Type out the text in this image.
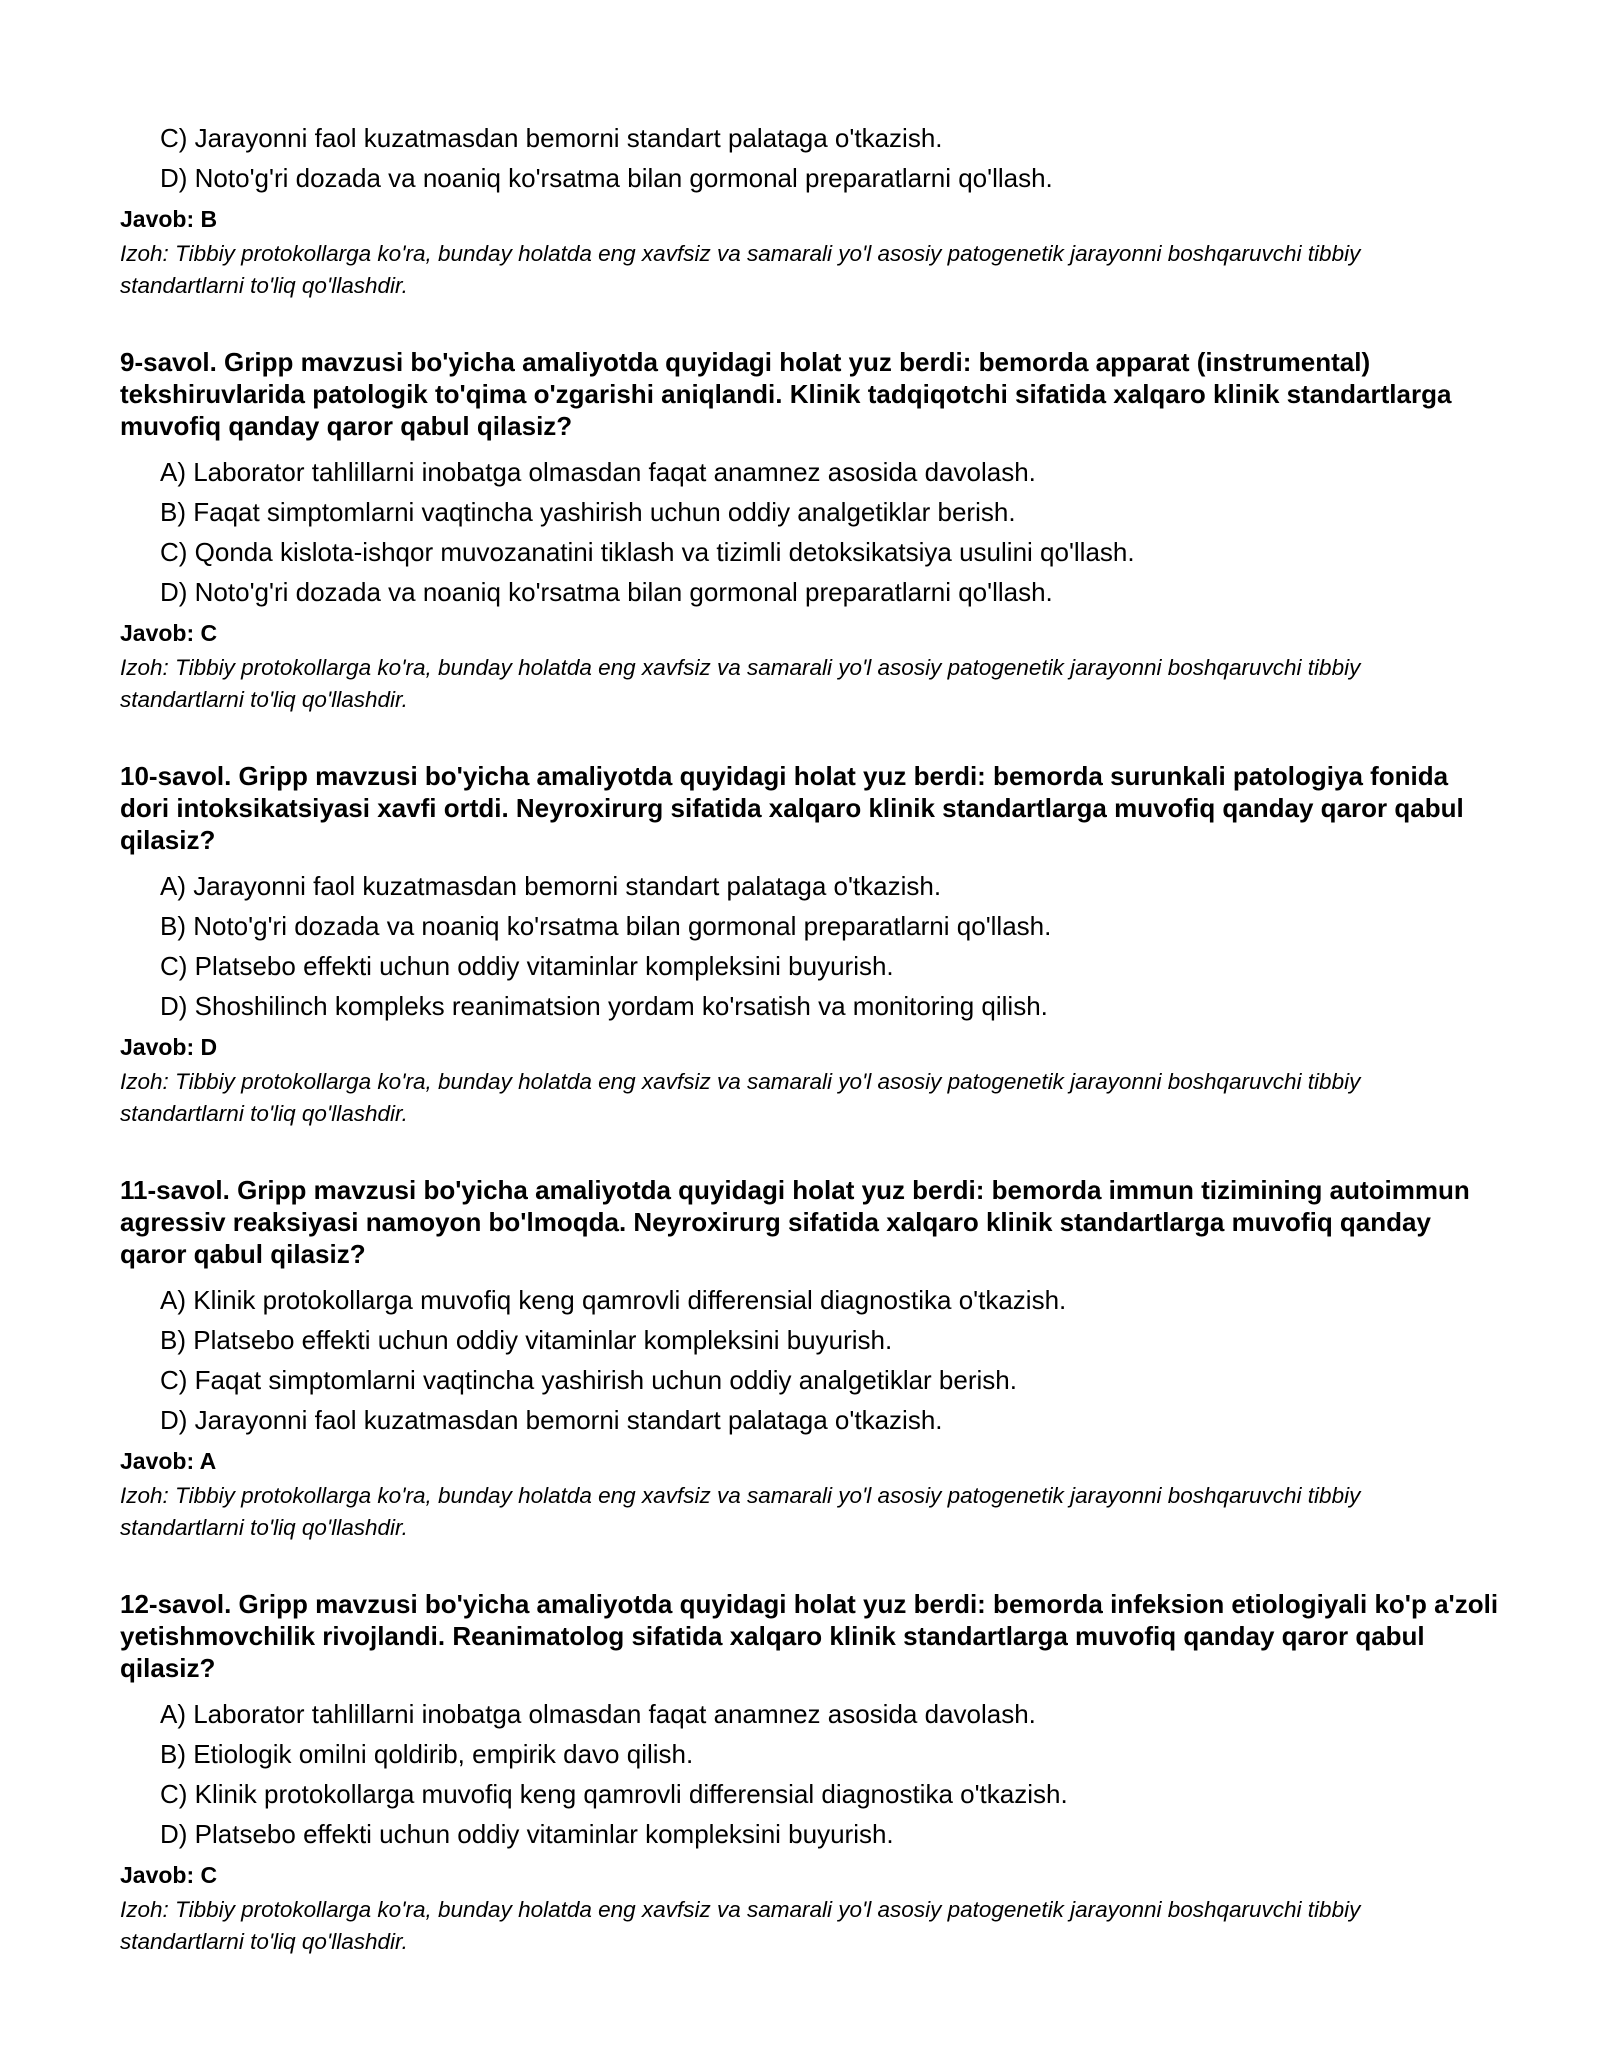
C) Jarayonni faol kuzatmasdan bemorni standart palataga o'tkazish.
D) Noto'g'ri dozada va noaniq ko'rsatma bilan gormonal preparatlarni qo'llash.
Javob: B
Izoh: Tibbiy protokollarga ko'ra, bunday holatda eng xavfsiz va samarali yo'l asosiy patogenetik jarayonni boshqaruvchi tibbiy standartlarni to'liq qo'llashdir.
9-savol. Gripp mavzusi bo'yicha amaliyotda quyidagi holat yuz berdi: bemorda apparat (instrumental) tekshiruvlarida patologik to'qima o'zgarishi aniqlandi. Klinik tadqiqotchi sifatida xalqaro klinik standartlarga muvofiq qanday qaror qabul qilasiz?
A) Laborator tahlillarni inobatga olmasdan faqat anamnez asosida davolash.
B) Faqat simptomlarni vaqtincha yashirish uchun oddiy analgetiklar berish.
C) Qonda kislota-ishqor muvozanatini tiklash va tizimli detoksikatsiya usulini qo'llash.
D) Noto'g'ri dozada va noaniq ko'rsatma bilan gormonal preparatlarni qo'llash.
Javob: C
Izoh: Tibbiy protokollarga ko'ra, bunday holatda eng xavfsiz va samarali yo'l asosiy patogenetik jarayonni boshqaruvchi tibbiy standartlarni to'liq qo'llashdir.
10-savol. Gripp mavzusi bo'yicha amaliyotda quyidagi holat yuz berdi: bemorda surunkali patologiya fonida dori intoksikatsiyasi xavfi ortdi. Neyroxirurg sifatida xalqaro klinik standartlarga muvofiq qanday qaror qabul qilasiz?
A) Jarayonni faol kuzatmasdan bemorni standart palataga o'tkazish.
B) Noto'g'ri dozada va noaniq ko'rsatma bilan gormonal preparatlarni qo'llash.
C) Platsebo effekti uchun oddiy vitaminlar kompleksini buyurish.
D) Shoshilinch kompleks reanimatsion yordam ko'rsatish va monitoring qilish.
Javob: D
Izoh: Tibbiy protokollarga ko'ra, bunday holatda eng xavfsiz va samarali yo'l asosiy patogenetik jarayonni boshqaruvchi tibbiy standartlarni to'liq qo'llashdir.
11-savol. Gripp mavzusi bo'yicha amaliyotda quyidagi holat yuz berdi: bemorda immun tizimining autoimmun agressiv reaksiyasi namoyon bo'lmoqda. Neyroxirurg sifatida xalqaro klinik standartlarga muvofiq qanday qaror qabul qilasiz?
A) Klinik protokollarga muvofiq keng qamrovli differensial diagnostika o'tkazish.
B) Platsebo effekti uchun oddiy vitaminlar kompleksini buyurish.
C) Faqat simptomlarni vaqtincha yashirish uchun oddiy analgetiklar berish.
D) Jarayonni faol kuzatmasdan bemorni standart palataga o'tkazish.
Javob: A
Izoh: Tibbiy protokollarga ko'ra, bunday holatda eng xavfsiz va samarali yo'l asosiy patogenetik jarayonni boshqaruvchi tibbiy standartlarni to'liq qo'llashdir.
12-savol. Gripp mavzusi bo'yicha amaliyotda quyidagi holat yuz berdi: bemorda infeksion etiologiyali ko'p a'zoli yetishmovchilik rivojlandi. Reanimatolog sifatida xalqaro klinik standartlarga muvofiq qanday qaror qabul qilasiz?
A) Laborator tahlillarni inobatga olmasdan faqat anamnez asosida davolash.
B) Etiologik omilni qoldirib, empirik davo qilish.
C) Klinik protokollarga muvofiq keng qamrovli differensial diagnostika o'tkazish.
D) Platsebo effekti uchun oddiy vitaminlar kompleksini buyurish.
Javob: C
Izoh: Tibbiy protokollarga ko'ra, bunday holatda eng xavfsiz va samarali yo'l asosiy patogenetik jarayonni boshqaruvchi tibbiy standartlarni to'liq qo'llashdir.
